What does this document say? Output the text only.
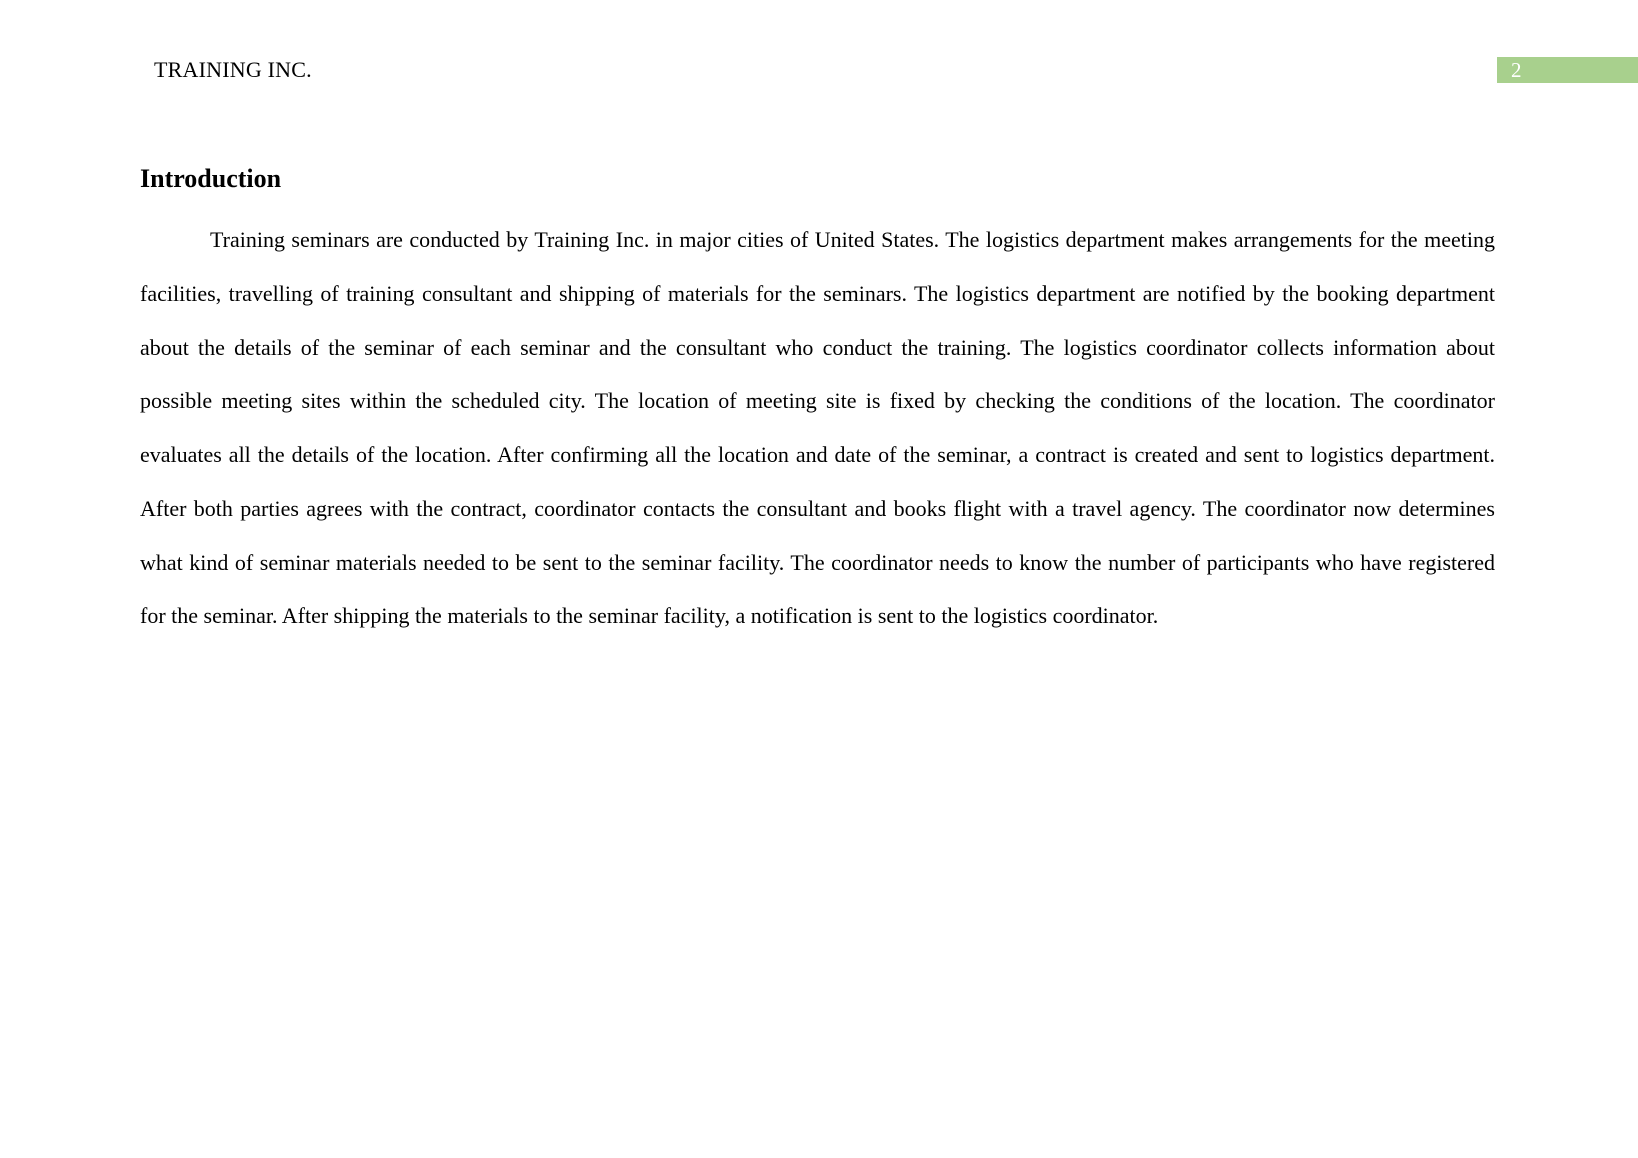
TRAINING INC.	2
Introduction

Training seminars are conducted by Training Inc. in major cities of United States. The logistics department makes arrangements for the meeting facilities, travelling of training consultant and shipping of materials for the seminars. The logistics department are notified by the booking department about the details of the seminar of each seminar and the consultant who conduct the training. The logistics coordinator collects information about possible meeting sites within the scheduled city. The location of meeting site is fixed by checking the conditions of the location. The coordinator evaluates all the details of the location. After confirming all the location and date of the seminar, a contract is created and sent to logistics department. After both parties agrees with the contract, coordinator contacts the consultant and books flight with a travel agency. The coordinator now determines what kind of seminar materials needed to be sent to the seminar facility. The coordinator needs to know the number of participants who have registered for the seminar. After shipping the materials to the seminar facility, a notification is sent to the logistics coordinator.
